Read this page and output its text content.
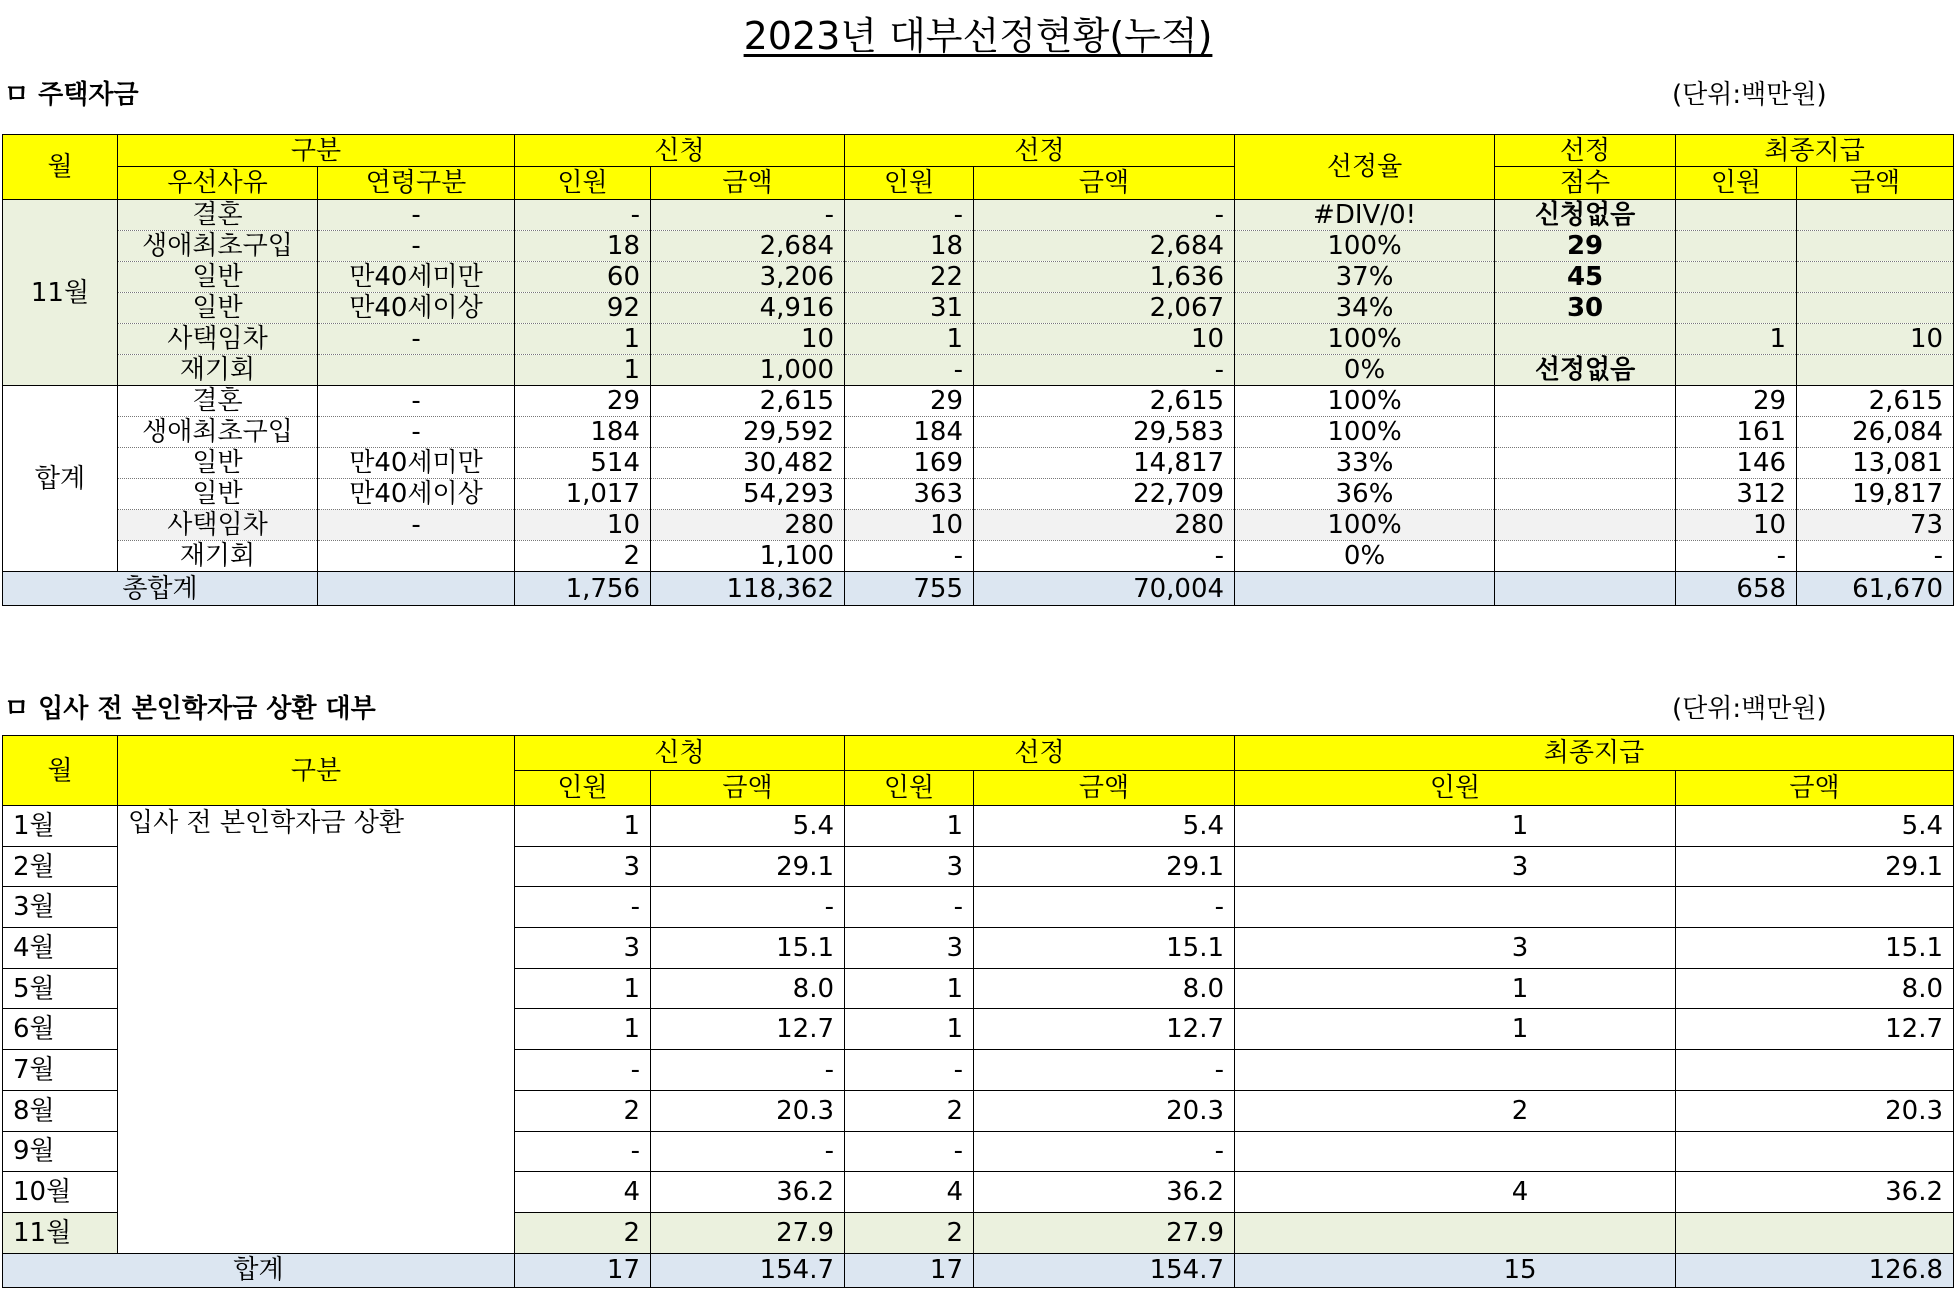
2023년 대부선정현황(누적)
ㅁ 주택자금	(단위:백만원)
월	구분		신청		선정		선정율	선정	최종지급	
	우선사유	연령구분	인원	금액	인원	금액		점수	인원	금액
11월	결혼	-	-	-	-	-	#DIV/0!	신청없음		
	생애최초구입	-	18	2,684	18	2,684	100%	29		
	일반	만40세미만	60	3,206	22	1,636	37%	45		
	일반	만40세이상	92	4,916	31	2,067	34%	30		
	사택임차	-	1	10	1	10	100%		1	10
	재기회		1	1,000	-	-	0%	선정없음		
합계	결혼	-	29	2,615	29	2,615	100%		29	2,615
	생애최초구입	-	184	29,592	184	29,583	100%		161	26,084
	일반	만40세미만	514	30,482	169	14,817	33%		146	13,081
	일반	만40세이상	1,017	54,293	363	22,709	36%		312	19,817
	사택임차	-	10	280	10	280	100%		10	73
	재기회		2	1,100	-	-	0%		-	-
총합계			1,756	118,362	755	70,004			658	61,670
ㅁ 입사 전 본인학자금 상환 대부	(단위:백만원)
월	구분	신청		선정		최종지급	
		인원	금액	인원	금액	인원	금액
1월	입사 전 본인학자금 상환	1	5.4	1	5.4	1	5.4
2월		3	29.1	3	29.1	3	29.1
3월		-	-	-	-		
4월		3	15.1	3	15.1	3	15.1
5월		1	8.0	1	8.0	1	8.0
6월		1	12.7	1	12.7	1	12.7
7월		-	-	-	-		
8월		2	20.3	2	20.3	2	20.3
9월		-	-	-	-		
10월		4	36.2	4	36.2	4	36.2
11월		2	27.9	2	27.9		
합계		17	154.7	17	154.7	15	126.8
